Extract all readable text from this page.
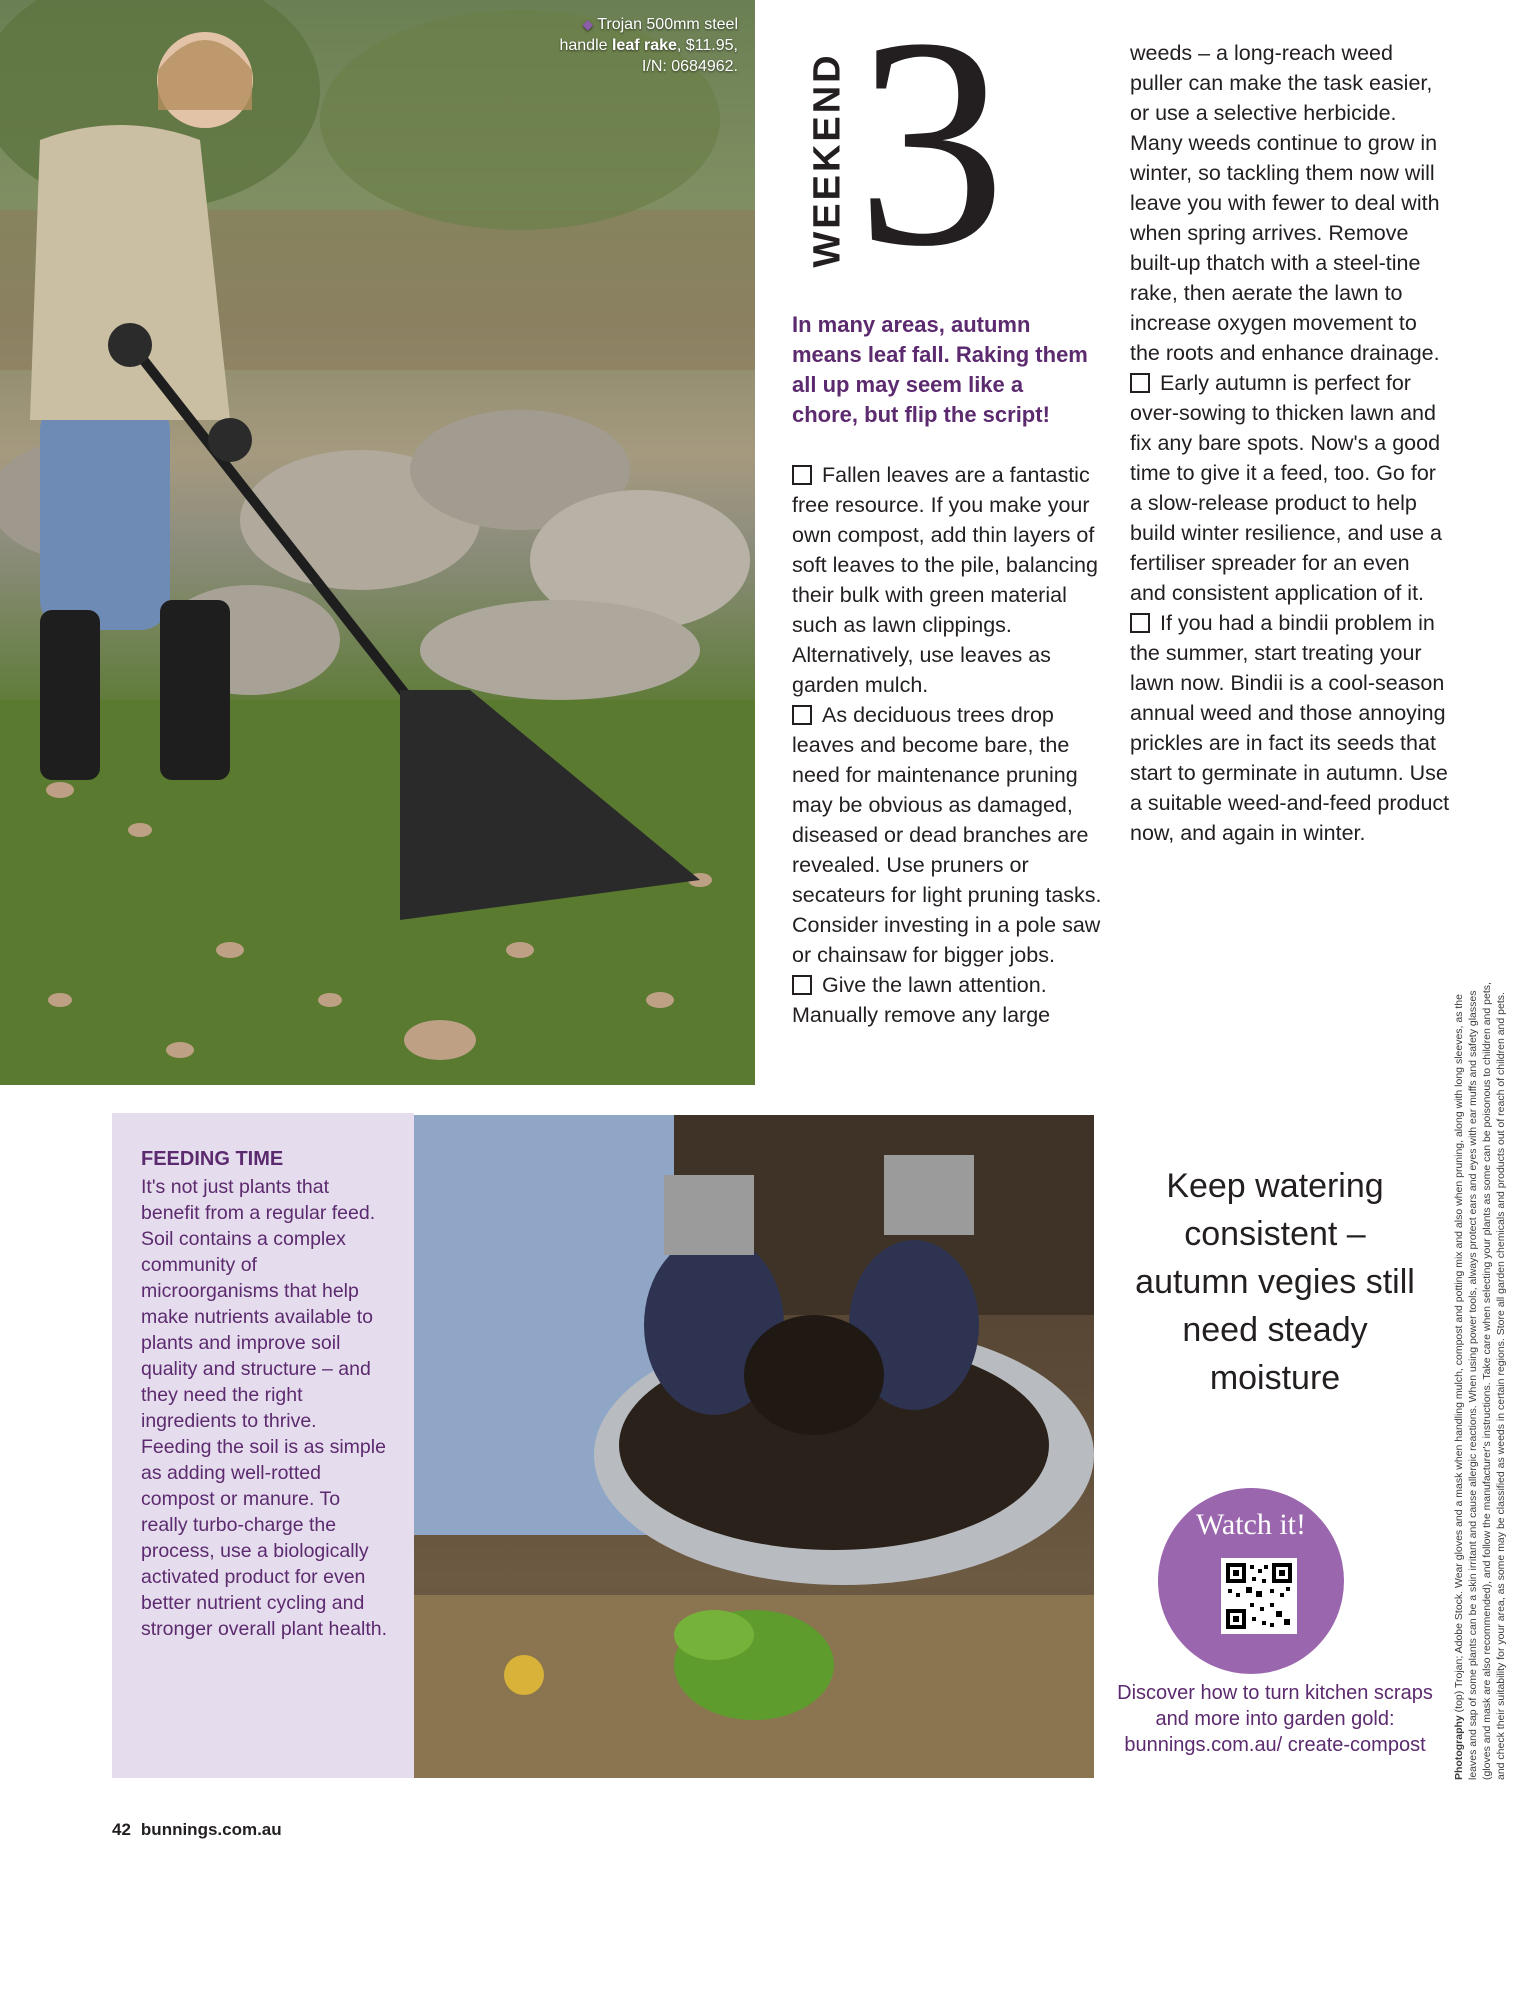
◆ Trojan 500mm steel handle leaf rake, $11.95, I/N: 0684962. WEEKEND 3
In many areas, autumn means leaf fall. Raking them all up may seem like a chore, but flip the script!

Fallen leaves are a fantastic free resource. If you make your own compost, add thin layers of soft leaves to the pile, balancing their bulk with green material such as lawn clippings. Alternatively, use leaves as garden mulch.

As deciduous trees drop leaves and become bare, the need for maintenance pruning may be obvious as damaged, diseased or dead branches are revealed. Use pruners or secateurs for light pruning tasks. Consider investing in a pole saw or chainsaw for bigger jobs.

Give the lawn attention. Manually remove any large

weeds – a long-reach weed puller can make the task easier, or use a selective herbicide. Many weeds continue to grow in winter, so tackling them now will leave you with fewer to deal with when spring arrives. Remove built-up thatch with a steel-tine rake, then aerate the lawn to increase oxygen movement to the roots and enhance drainage.

Early autumn is perfect for over-sowing to thicken lawn and fix any bare spots. Now's a good time to give it a feed, too. Go for a slow-release product to help build winter resilience, and use a fertiliser spreader for an even and consistent application of it.

If you had a bindii problem in the summer, start treating your lawn now. Bindii is a cool-season annual weed and those annoying prickles are in fact its seeds that start to germinate in autumn. Use a suitable weed-and-feed product now, and again in winter.

FEEDING TIME
It's not just plants that benefit from a regular feed. Soil contains a complex community of microorganisms that help make nutrients available to plants and improve soil quality and structure – and they need the right ingredients to thrive. Feeding the soil is as simple as adding well-rotted compost or manure. To really turbo-charge the process, use a biologically activated product for even better nutrient cycling and stronger overall plant health.
Keep watering consistent – autumn vegies still need steady moisture
Watch it!
Discover how to turn kitchen scraps and more into garden gold: bunnings.com.au/ create-compost	Photography (top) Trojan; Adobe Stock. Wear gloves and a mask when handling mulch, compost and potting mix and also when pruning, along with long sleeves, as the leaves and sap of some plants can be a skin irritant and cause allergic reactions. When using power tools, always protect ears and eyes with ear muffs and safety glasses (gloves and mask are also recommended), and follow the manufacturer's instructions. Take care when selecting your plants as some can be poisonous to children and pets, and check their suitability for your area, as some may be classified as weeds in certain regions. Store all garden chemicals and products out of reach of children and pets.
42 bunnings.com.au
